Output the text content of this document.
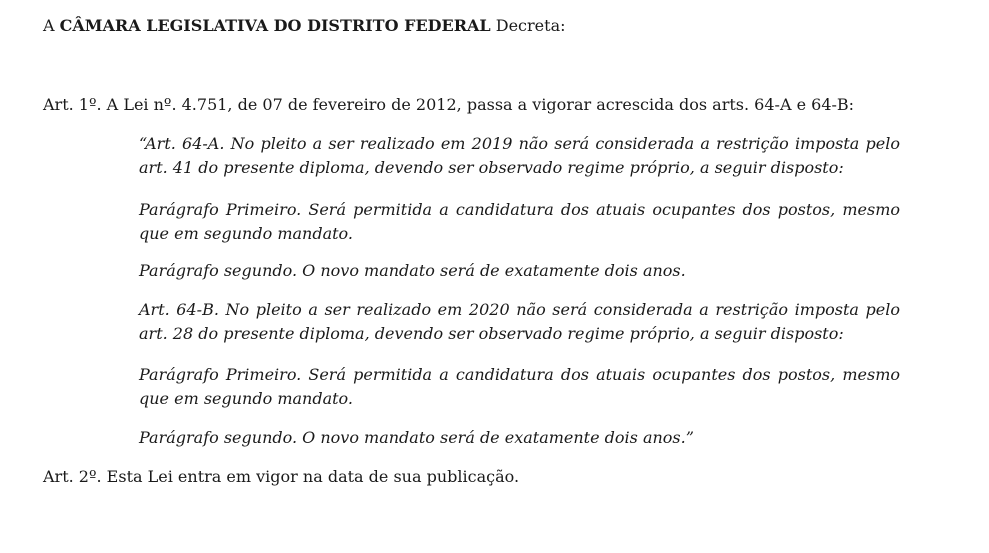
A CÂMARA LEGISLATIVA DO DISTRITO FEDERAL Decreta:
Art. 1º. A Lei nº. 4.751, de 07 de fevereiro de 2012, passa a vigorar acrescida dos arts. 64-A e 64-B:
“Art. 64-A. No pleito a ser realizado em 2019 não será considerada a restrição imposta pelo art. 41 do presente diploma, devendo ser observado regime próprio, a seguir disposto:
Parágrafo Primeiro. Será permitida a candidatura dos atuais ocupantes dos postos, mesmo que em segundo mandato.
Parágrafo segundo. O novo mandato será de exatamente dois anos.
Art. 64-B. No pleito a ser realizado em 2020 não será considerada a restrição imposta pelo art. 28 do presente diploma, devendo ser observado regime próprio, a seguir disposto:
Parágrafo Primeiro. Será permitida a candidatura dos atuais ocupantes dos postos, mesmo que em segundo mandato.
Parágrafo segundo. O novo mandato será de exatamente dois anos.”
Art. 2º. Esta Lei entra em vigor na data de sua publicação.
